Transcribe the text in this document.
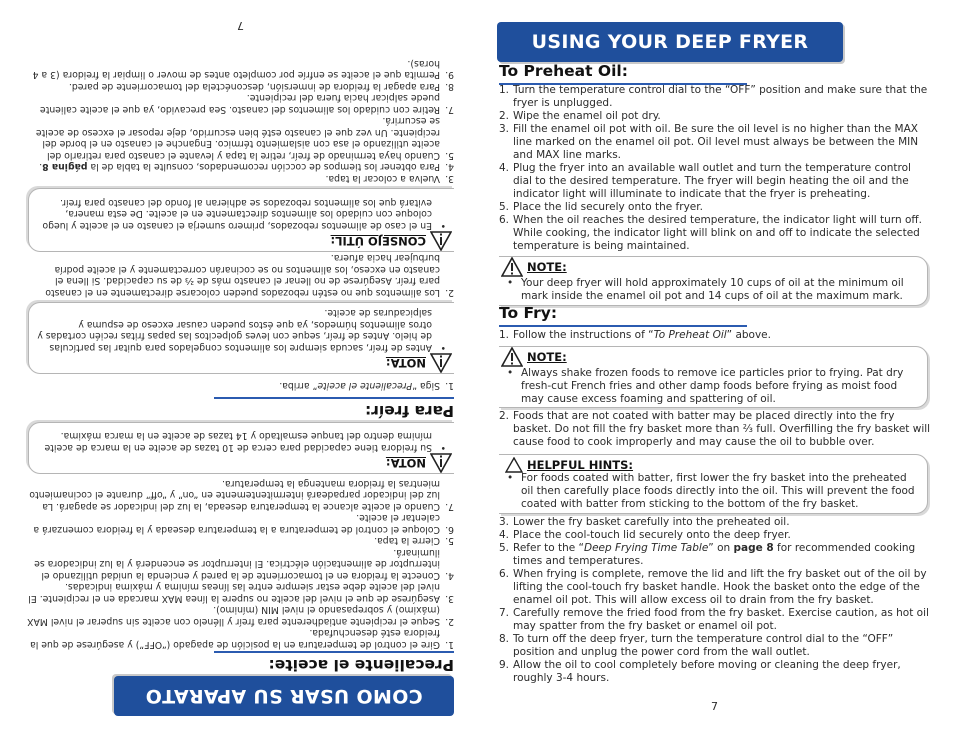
COMO USAR SU APARATO
Precaliente el aceite:
1.
Gire el control de temperatura en la posición de apagado (“OFF”) y asegúrese de que la freidora esté desenchufada.
2.
Seque el recipiente antiadherente para freír y llénelo con aceite sin superar el nivel MAX (máximo) y sobrepasando el nivel MIN (mínimo).
3.
Asegúrese de que el nivel del aceite no supere la línea MAX marcada en el recipiente. El nivel del aceite debe estar siempre entre las líneas mínima y máxima indicadas.
4.
Conecte la freidora en el tomacorriente de la pared y encienda la unidad utilizando el interruptor de alimentación eléctrica. El interruptor se encenderá y la luz indicadora se iluminará.
5.
Cierre la tapa.
6.
Coloque el control de temperatura a la temperatura deseada y la freidora comenzará a calentar el aceite.
7.
Cuando el aceite alcance la temperatura deseada, la luz del indicador se apagará. La luz del indicador parpadeará intermitentemente en “on” y “off” durante el cocinamiento mientras la freidora mantenga la temperatura.
NOTA:
•
Su freidora tiene capacidad para cerca de 10 tazas de aceite en la marca de aceite mínima dentro del tanque esmaltado y 14 tazas de aceite en la marca máxima.
Para freír:
1.
Siga “Precaliente el aceite” arriba.
NOTA:
•
Antes de freír, sacuda siempre los alimentos congelados para quitar las partículas de hielo. Antes de freír, seque con leves golpecitos las papas fritas recién cortadas y otros alimentos húmedos, ya que éstos pueden causar exceso de espuma y salpicaduras de aceite.
2.
Los alimentos que no estén rebozados pueden colocarse directamente en el canasto para freír. Asegúrese de no llenar el canasto más de ⅔ de su capacidad. Si llena el canasto en exceso, los alimentos no se cocinarán correctamente y el aceite podría burbujear hacia afuera.
CONSEJO ÚTIL:
•
En el caso de alimentos rebozados, primero sumerja el canasto en el aceite y luego coloque con cuidado los alimentos directamente en el aceite. De esta manera, evitará que los alimentos rebozados se adhieran al fondo del canasto para freír.
3.
Vuelva a colocar la tapa.
4.
Para obtener los tiempos de cocción recomendados, consulte la tabla de la página 8.
5.
Cuando haya terminado de freír, retire la tapa y levante el canasto para retirarlo del aceite utilizando el asa con aislamiento térmico. Enganche el canasto en el borde del recipiente. Un vez que el canasto esté bien escurrido, deje reposar el exceso de aceite se escurrirá.
7.
Retire con cuidado los alimentos del canasto. Sea precavido, ya que el aceite caliente puede salpicar hacia fuera del recipiente.
8.
Para apagar la freidora de inmersión, desconéctela del tomacorriente de pared.
9.
Permita que el aceite se enfríe por completo antes de mover o limpiar la freidora (3 a 4 horas).
7
USING YOUR DEEP FRYER
To Preheat Oil:
1. Turn the temperature control dial to the “OFF” position and make sure that the fryer is unplugged.
2. Wipe the enamel oil pot dry.
3. Fill the enamel oil pot with oil. Be sure the oil level is no higher than the MAX line marked on the enamel oil pot. Oil level must always be between the MIN and MAX line marks.
4. Plug the fryer into an available wall outlet and turn the temperature control dial to the desired temperature. The fryer will begin heating the oil and the indicator light will illuminate to indicate that the fryer is preheating.
5. Place the lid securely onto the fryer.
6. When the oil reaches the desired temperature, the indicator light will turn off. While cooking, the indicator light will blink on and off to indicate the selected temperature is being maintained.
NOTE:
• Your deep fryer will hold approximately 10 cups of oil at the minimum oil mark inside the enamel oil pot and 14 cups of oil at the maximum mark.
To Fry:
1. Follow the instructions of “To Preheat Oil” above.
NOTE:
• Always shake frozen foods to remove ice particles prior to frying. Pat dry fresh-cut French fries and other damp foods before frying as moist food may cause excess foaming and spattering of oil.
2. Foods that are not coated with batter may be placed directly into the fry basket. Do not fill the fry basket more than ⅔ full. Overfilling the fry basket will cause food to cook improperly and may cause the oil to bubble over.
HELPFUL HINTS:
• For foods coated with batter, first lower the fry basket into the preheated oil then carefully place foods directly into the oil. This will prevent the food coated with batter from sticking to the bottom of the fry basket.
3. Lower the fry basket carefully into the preheated oil.
4. Place the cool-touch lid securely onto the deep fryer.
5. Refer to the “Deep Frying Time Table” on page 8 for recommended cooking times and temperatures.
6. When frying is complete, remove the lid and lift the fry basket out of the oil by lifting the cool-touch fry basket handle. Hook the basket onto the edge of the enamel oil pot. This will allow excess oil to drain from the fry basket.
7. Carefully remove the fried food from the fry basket. Exercise caution, as hot oil may spatter from the fry basket or enamel oil pot.
8. To turn off the deep fryer, turn the temperature control dial to the “OFF” position and unplug the power cord from the wall outlet.
9. Allow the oil to cool completely before moving or cleaning the deep fryer, roughly 3-4 hours.
7
